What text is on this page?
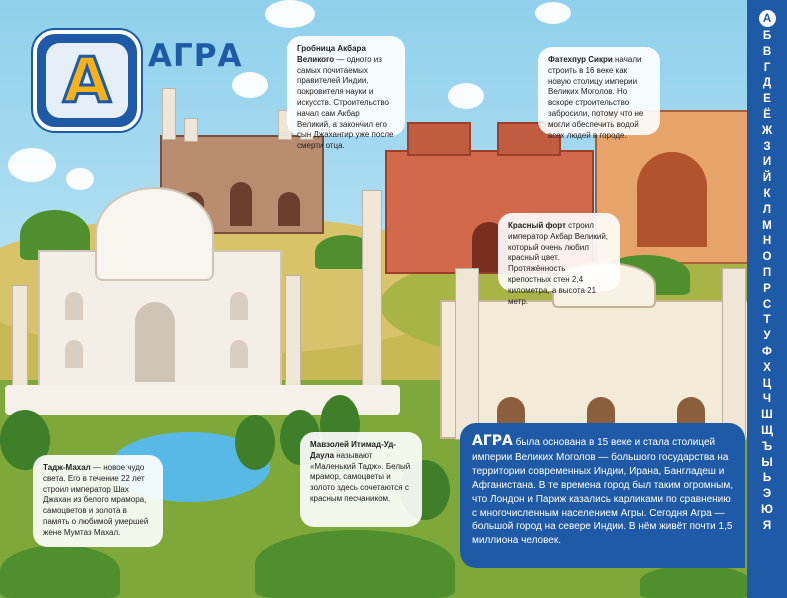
А АГРА	Гробница Акбара Великого — одного из самых почитаемых правителей Индии, покровителя науки и искусств. Строительство начал сам Акбар Великий, а закончил его сын Джахангир уже после смерти отца.
Фатехпур Сикри начали строить в 16 веке как новую столицу империи Великих Моголов. Но вскоре строительство забросили, потому что не могли обеспечить водой всех людей в городе.
Красный форт строил император Акбар Великий, который очень любил красный цвет. Протяжённость крепостных стен 2,4 километра, а высота 21 метр.
Мавзолей Итимад-Уд-Даула называют «Маленький Тадж». Белый мрамор, самоцветы и золото здесь сочетаются с красным песчаником.
Тадж-Махал — новое чудо света. Его в течение 22 лет строил император Шах Джахан из белого мрамора, самоцветов и золота в память о любимой умершей жене Мумтаз Махал.
АГРА была основана в 15 веке и стала столицей империи Великих Моголов — большого государства на территории современных Индии, Ирана, Бангладеш и Афганистана. В те времена город был таким огромным, что Лондон и Париж казались карликами по сравнению с многочисленным населением Агры. Сегодня Агра — большой город на севере Индии. В нём живёт почти 1,5 миллиона человек.
А
Б
В
Г
Д
Е
Ё
Ж
З
И
Й
К
Л
М
Н
О
П
Р
С
Т
У
Ф
Х
Ц
Ч
Ш
Щ
Ъ
Ы
Ь
Э
Ю
Я
